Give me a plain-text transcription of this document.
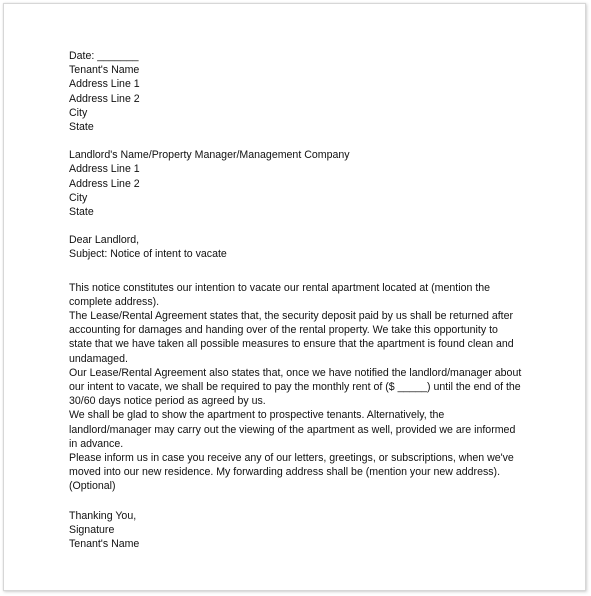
Date: _______
Tenant's Name
Address Line 1
Address Line 2
City
State
Landlord's Name/Property Manager/Management Company
Address Line 1
Address Line 2
City
State
Dear Landlord,
Subject: Notice of intent to vacate
This notice constitutes our intention to vacate our rental apartment located at (mention the
complete address).
The Lease/Rental Agreement states that, the security deposit paid by us shall be returned after
accounting for damages and handing over of the rental property. We take this opportunity to
state that we have taken all possible measures to ensure that the apartment is found clean and
undamaged.
Our Lease/Rental Agreement also states that, once we have notified the landlord/manager about
our intent to vacate, we shall be required to pay the monthly rent of ($ _____) until the end of the
30/60 days notice period as agreed by us.
We shall be glad to show the apartment to prospective tenants. Alternatively, the
landlord/manager may carry out the viewing of the apartment as well, provided we are informed
in advance.
Please inform us in case you receive any of our letters, greetings, or subscriptions, when we've
moved into our new residence. My forwarding address shall be (mention your new address).
(Optional)
Thanking You,
Signature
Tenant's Name
